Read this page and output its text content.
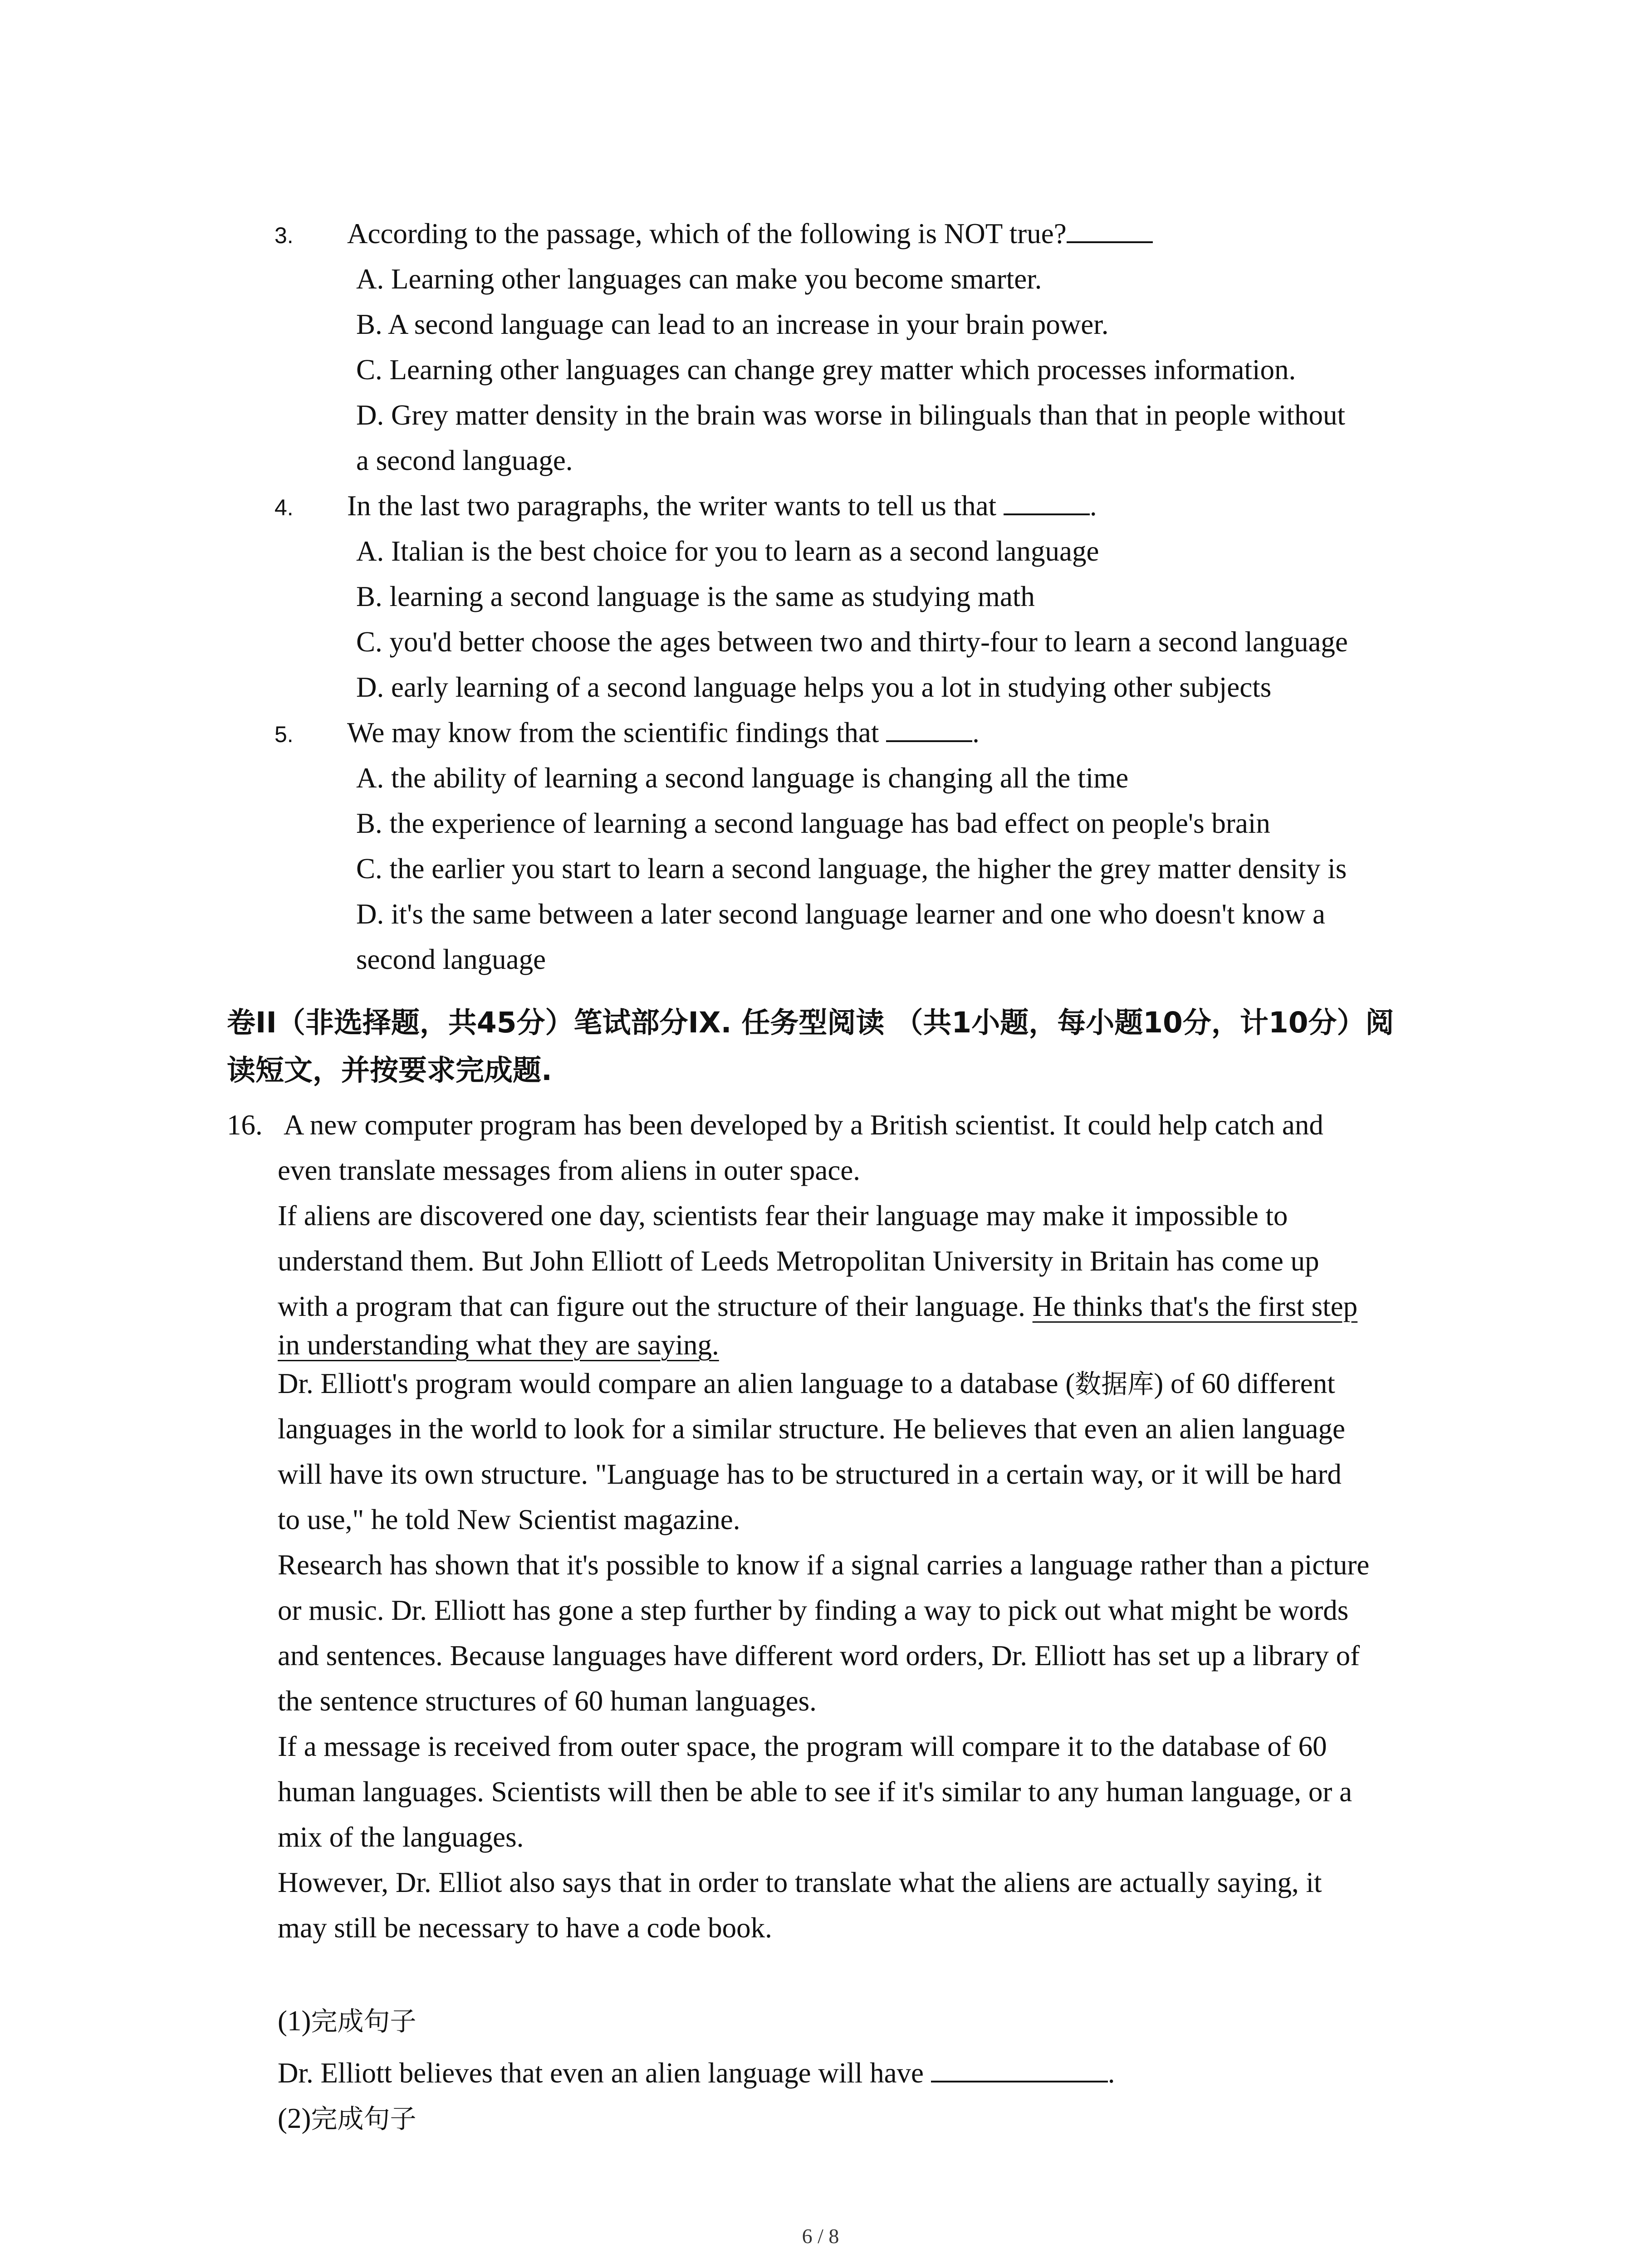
3. According to the passage, which of the following is NOT true?
A. Learning other languages can make you become smarter.
B. A second language can lead to an increase in your brain power.
C. Learning other languages can change grey matter which processes information.
D. Grey matter density in the brain was worse in bilinguals than that in people without
a second language.
4. In the last two paragraphs, the writer wants to tell us that	.
A. Italian is the best choice for you to learn as a second language
B. learning a second language is the same as studying math
C. you'd better choose the ages between two and thirty-four to learn a second language
D. early learning of a second language helps you a lot in studying other subjects
5. We may know from the scientific findings that	.
A. the ability of learning a second language is changing all the time
B. the experience of learning a second language has bad effect on people's brain
C. the earlier you start to learn a second language, the higher the grey matter density is
D. it's the same between a later second language learner and one who doesn't know a
second language
卷II（非选择题，共45分）笔试部分IX. 任务型阅读 （共1小题，每小题10分，计10分）阅
读短文，并按要求完成题.
16. A new computer program has been developed by a British scientist. It could help catch and
even translate messages from aliens in outer space.
If aliens are discovered one day, scientists fear their language may make it impossible to
understand them. But John Elliott of Leeds Metropolitan University in Britain has come up
with a program that can figure out the structure of their language. He thinks that's the first step
in understanding what they are saying.
Dr. Elliott's program would compare an alien language to a database (数据库) of 60 different
languages in the world to look for a similar structure. He believes that even an alien language
will have its own structure. "Language has to be structured in a certain way, or it will be hard
to use," he told New Scientist magazine.
Research has shown that it's possible to know if a signal carries a language rather than a picture
or music. Dr. Elliott has gone a step further by finding a way to pick out what might be words
and sentences. Because languages have different word orders, Dr. Elliott has set up a library of
the sentence structures of 60 human languages.
If a message is received from outer space, the program will compare it to the database of 60
human languages. Scientists will then be able to see if it's similar to any human language, or a
mix of the languages.
However, Dr. Elliot also says that in order to translate what the aliens are actually saying, it
may still be necessary to have a code book.
(1)完成句子
Dr. Elliott believes that even an alien language will have	.
(2)完成句子
6 / 8
